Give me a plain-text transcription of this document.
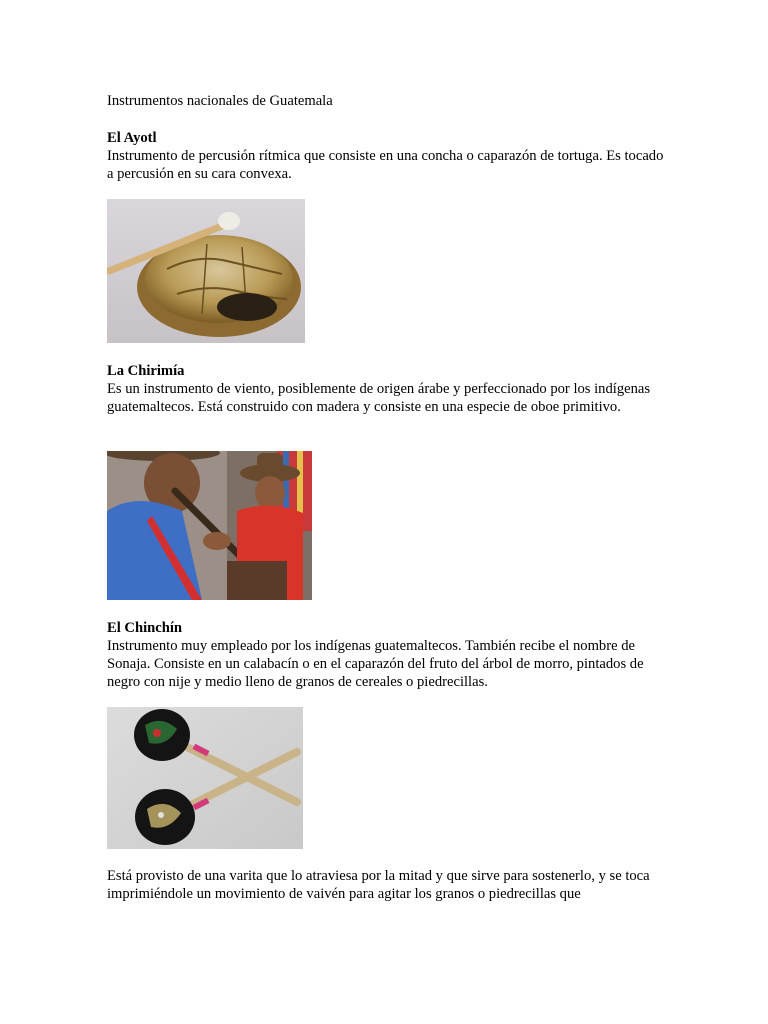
Instrumentos nacionales de Guatemala

El Ayotl

Instrumento de percusión rítmica que consiste en una concha o caparazón de tortuga. Es tocado a percusión en su cara convexa.

La Chirimía

Es un instrumento de viento, posiblemente de origen árabe y perfeccionado por los indígenas guatemaltecos. Está construido con madera y consiste en una especie de oboe primitivo.

El Chinchín

Instrumento muy empleado por los indígenas guatemaltecos. También recibe el nombre de Sonaja. Consiste en un calabacín o en el caparazón del fruto del árbol de morro, pintados de negro con nije y medio lleno de granos de cereales o piedrecillas.

Está provisto de una varita que lo atraviesa por la mitad y que sirve para sostenerlo, y se toca imprimiéndole un movimiento de vaivén para agitar los granos o piedrecillas que
